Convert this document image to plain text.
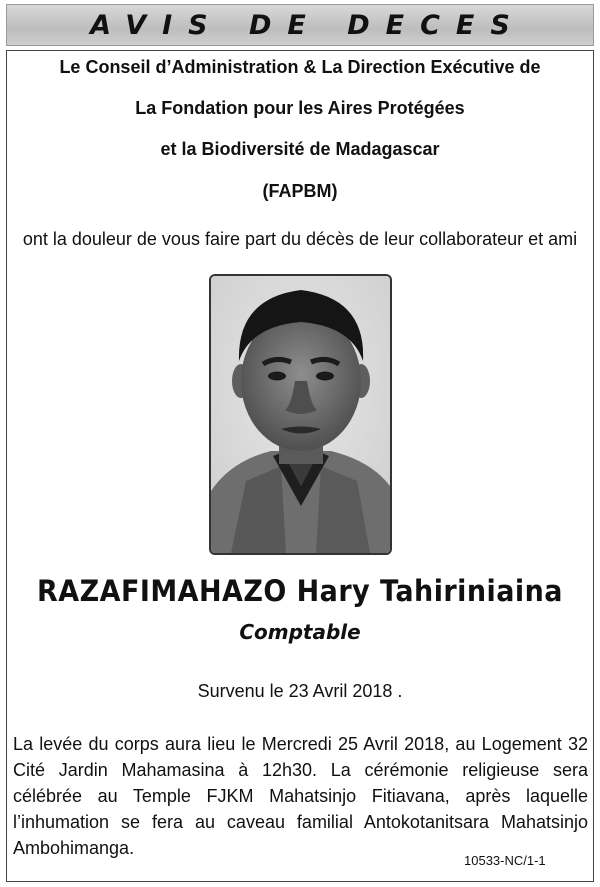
AVIS DE DECES
Le Conseil d’Administration & La Direction Exécutive de
La Fondation pour les Aires Protégées
et la Biodiversité de Madagascar
(FAPBM)
ont la douleur de vous faire part du décès de leur collaborateur et ami
RAZAFIMAHAZO Hary Tahiriniaina
Comptable
Survenu le 23 Avril 2018 .
La levée du corps aura lieu le Mercredi 25 Avril 2018, au Logement 32 Cité Jardin Mahamasina à 12h30. La cérémonie religieuse sera célébrée au Temple FJKM Mahatsinjo Fitiavana, après laquelle l’inhumation se fera au caveau familial Antokotanitsara Mahatsinjo Ambohimanga.
10533-NC/1-1
